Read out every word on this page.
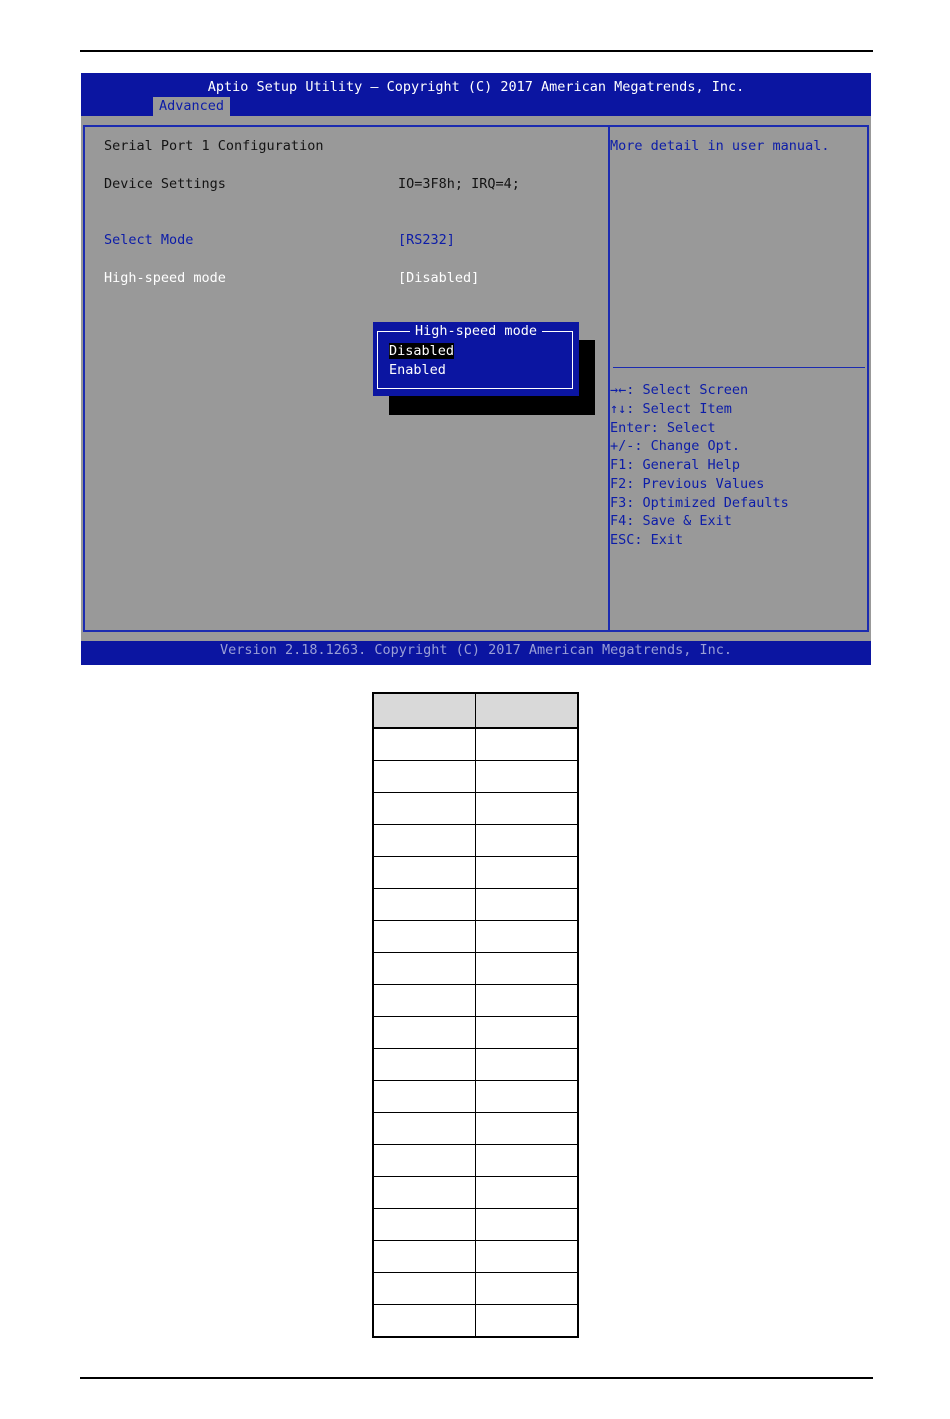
Aptio Setup Utility – Copyright (C) 2017 American Megatrends, Inc.
Advanced
Serial Port 1 Configuration
Device Settings	IO=3F8h; IRQ=4;
Select Mode	[RS232]
High-speed mode	[Disabled]
More detail in user manual.
→←: Select Screen
↑↓: Select Item
Enter: Select
+/-: Change Opt.
F1: General Help
F2: Previous Values
F3: Optimized Defaults
F4: Save & Exit
ESC: Exit
High-speed mode
Disabled
Enabled
Version 2.18.1263. Copyright (C) 2017 American Megatrends, Inc.
